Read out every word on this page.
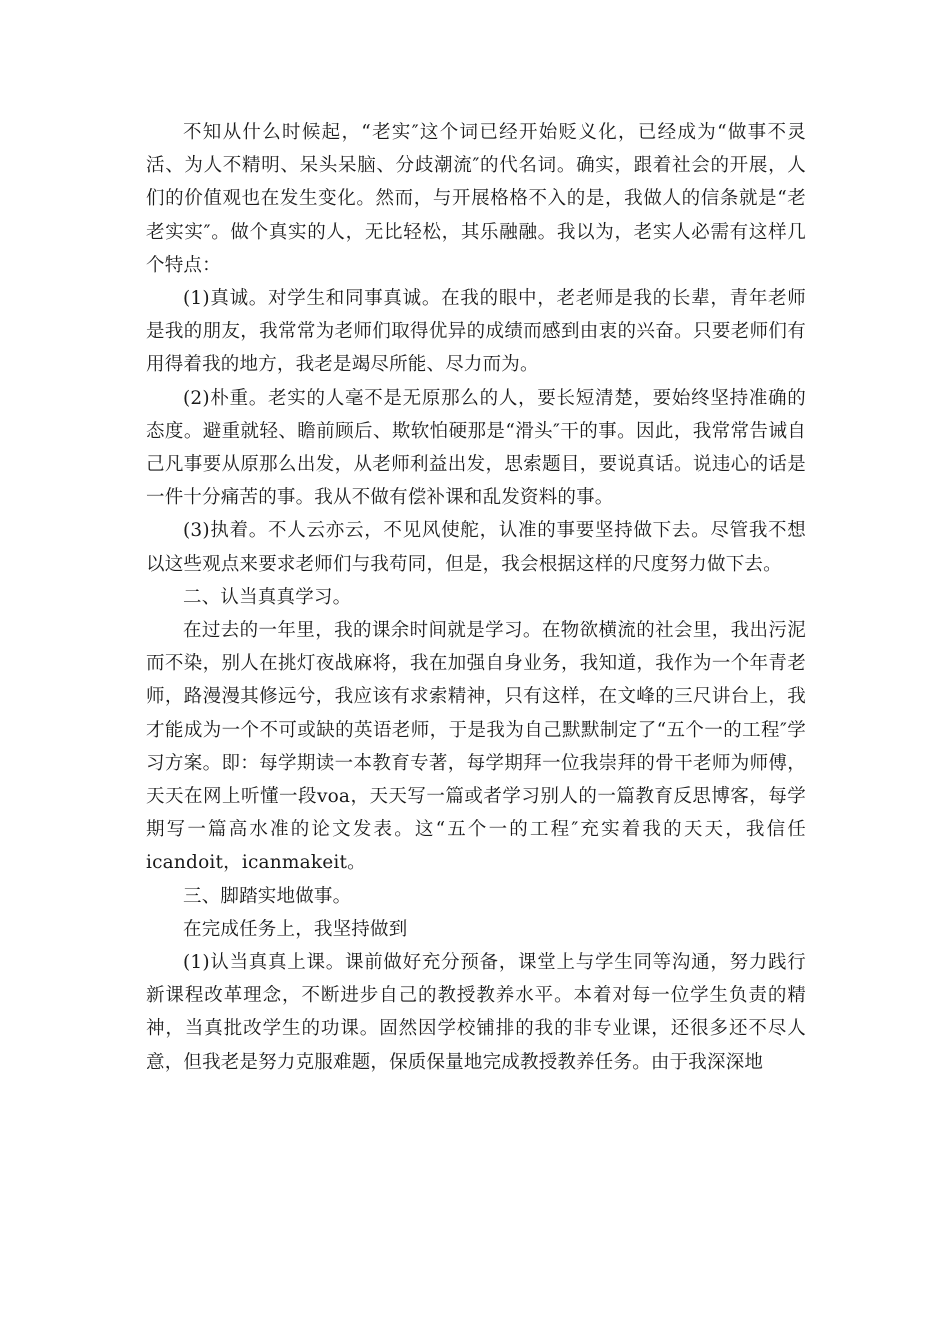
不知从什么时候起，“老实″这个词已经开始贬义化，已经成为“做事不灵活、为人不精明、呆头呆脑、分歧潮流″的代名词。确实，跟着社会的开展，人们的价值观也在发生变化。然而，与开展格格不入的是，我做人的信条就是“老老实实″。做个真实的人，无比轻松，其乐融融。我以为，老实人必需有这样几个特点：

(1)真诚。对学生和同事真诚。在我的眼中，老老师是我的长辈，青年老师是我的朋友，我常常为老师们取得优异的成绩而感到由衷的兴奋。只要老师们有用得着我的地方，我老是竭尽所能、尽力而为。

(2)朴重。老实的人毫不是无原那么的人，要长短清楚，要始终坚持准确的态度。避重就轻、瞻前顾后、欺软怕硬那是“滑头″干的事。因此，我常常告诫自己凡事要从原那么出发，从老师利益出发，思索题目，要说真话。说违心的话是一件十分痛苦的事。我从不做有偿补课和乱发资料的事。

(3)执着。不人云亦云，不见风使舵，认准的事要坚持做下去。尽管我不想以这些观点来要求老师们与我苟同，但是，我会根据这样的尺度努力做下去。

二、认当真真学习。

在过去的一年里，我的课余时间就是学习。在物欲横流的社会里，我出污泥而不染，别人在挑灯夜战麻将，我在加强自身业务，我知道，我作为一个年青老师，路漫漫其修远兮，我应该有求索精神，只有这样，在文峰的三尺讲台上，我才能成为一个不可或缺的英语老师，于是我为自己默默制定了“五个一的工程″学习方案。即：每学期读一本教育专著，每学期拜一位我崇拜的骨干老师为师傅，天天在网上听懂一段voa，天天写一篇或者学习别人的一篇教育反思博客，每学期写一篇高水准的论文发表。这“五个一的工程″充实着我的天天，我信任icandoit，icanmakeit。

三、脚踏实地做事。

在完成任务上，我坚持做到

(1)认当真真上课。课前做好充分预备，课堂上与学生同等沟通，努力践行新课程改革理念，不断进步自己的教授教养水平。本着对每一位学生负责的精神，当真批改学生的功课。固然因学校铺排的我的非专业课，还很多还不尽人意，但我老是努力克服难题，保质保量地完成教授教养任务。由于我深深地
